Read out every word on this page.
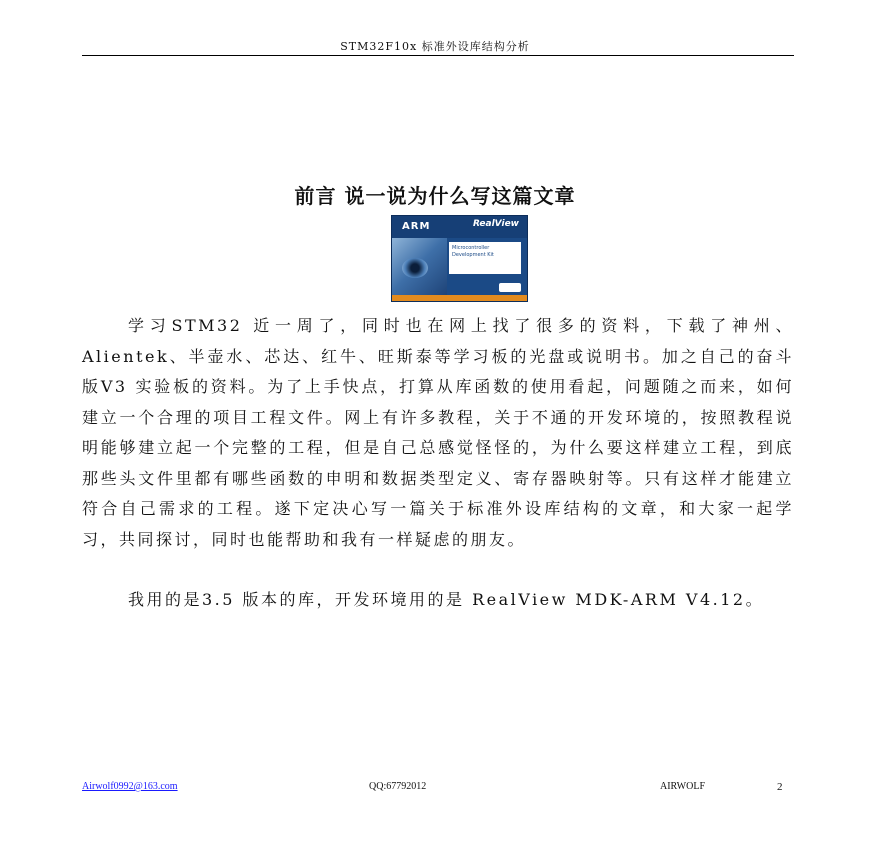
STM32F10x 标准外设库结构分析
前言 说一说为什么写这篇文章
ARM	RealView
Microcontroller Development Kit

学习STM32 近一周了，同时也在网上找了很多的资料，下载了神州、Alientek、半壶水、芯达、红牛、旺斯泰等学习板的光盘或说明书。加之自己的奋斗版V3 实验板的资料。为了上手快点，打算从库函数的使用看起，问题随之而来，如何建立一个合理的项目工程文件。网上有许多教程，关于不通的开发环境的，按照教程说明能够建立起一个完整的工程，但是自己总感觉怪怪的，为什么要这样建立工程，到底那些头文件里都有哪些函数的申明和数据类型定义、寄存器映射等。只有这样才能建立符合自己需求的工程。遂下定决心写一篇关于标准外设库结构的文章，和大家一起学习，共同探讨，同时也能帮助和我有一样疑虑的朋友。

我用的是3.5 版本的库，开发环境用的是 RealView MDK-ARM V4.12。

Airwolf0992@163.com	QQ:67792012	AIRWOLF	2
